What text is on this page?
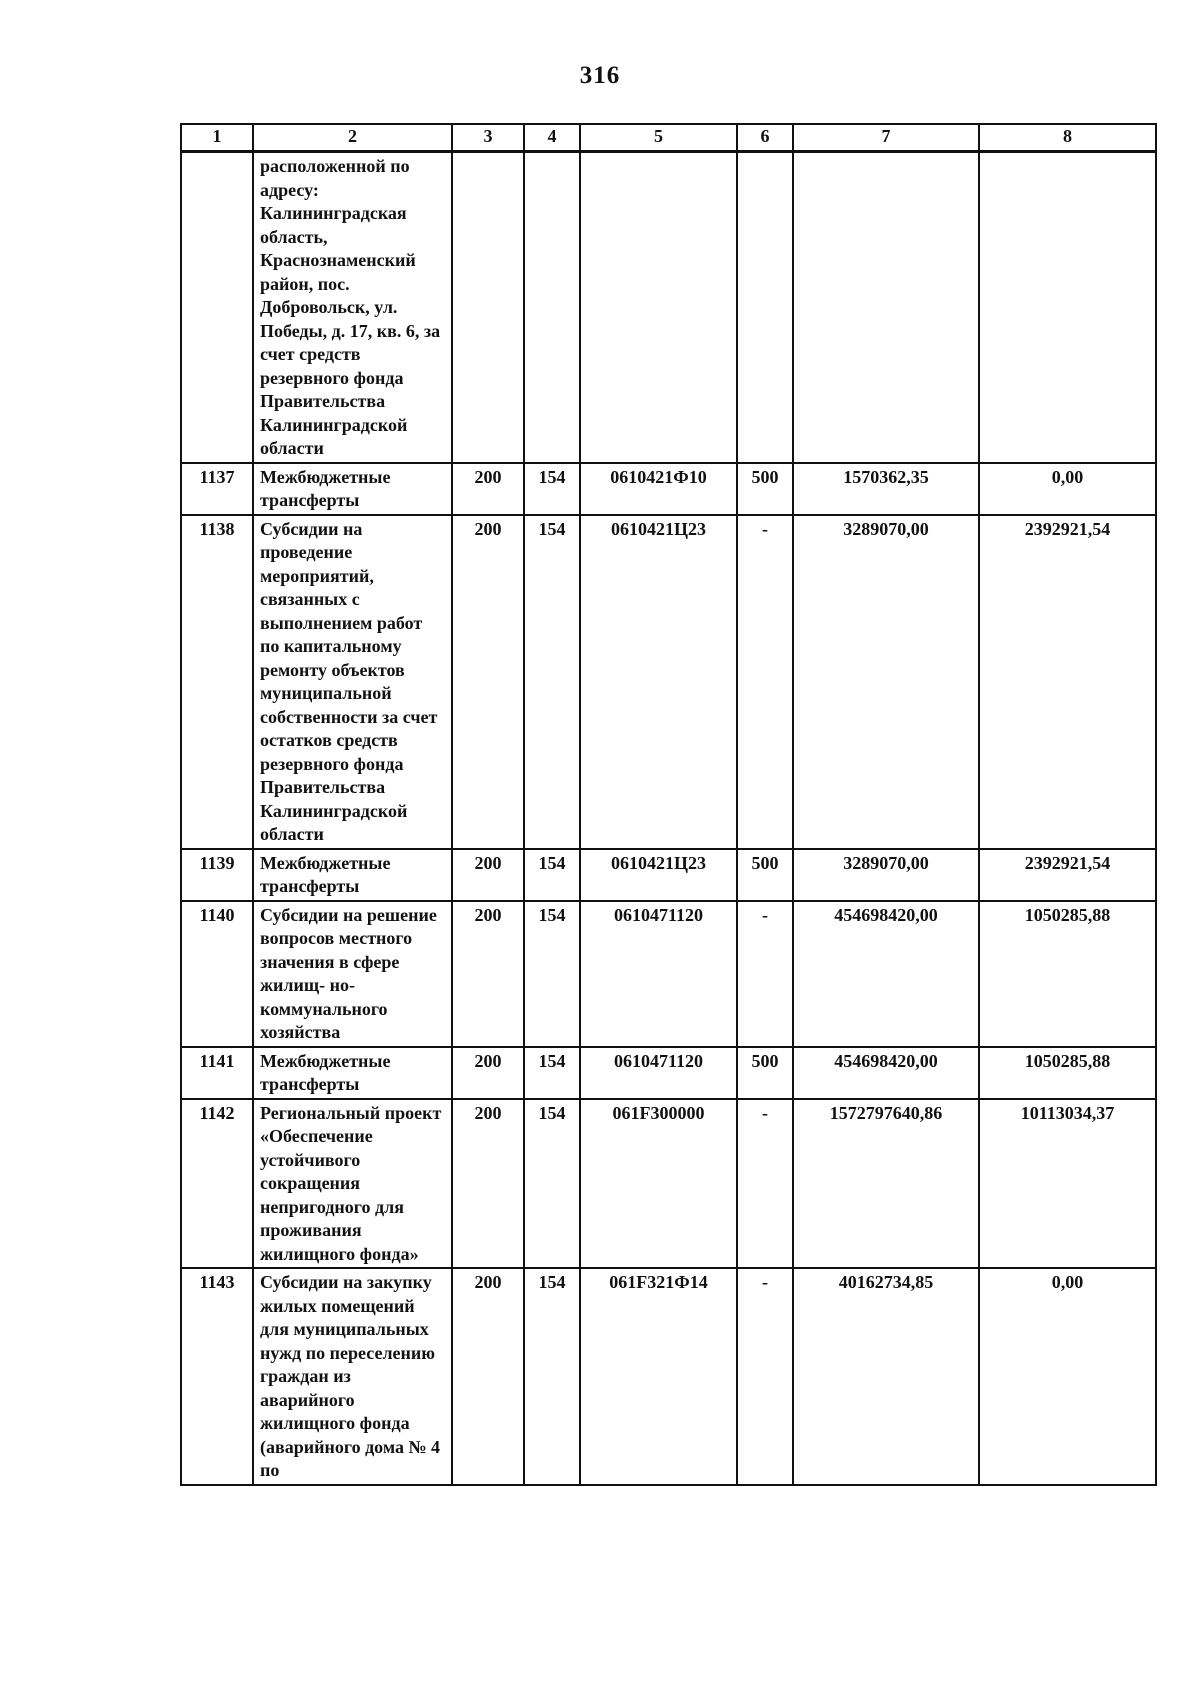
316
1	2	3	4	5	6	7	8
	расположенной по адресу: Калининградская область, Краснознаменский район, пос. Добровольск, ул. Победы, д. 17, кв. 6, за счет средств резервного фонда Правительства Калининградской области						
1137	Межбюджетные трансферты	200	154	0610421Ф10	500	1570362,35	0,00
1138	Субсидии на проведение мероприятий, связанных с выполнением работ по капитальному ремонту объектов муниципальной собственности за счет остатков средств резервного фонда Правительства Калининградской области	200	154	0610421Ц23	-	3289070,00	2392921,54
1139	Межбюджетные трансферты	200	154	0610421Ц23	500	3289070,00	2392921,54
1140	Субсидии на решение вопросов местного значения в сфере жилищ- но-коммунального хозяйства	200	154	0610471120	-	454698420,00	1050285,88
1141	Межбюджетные трансферты	200	154	0610471120	500	454698420,00	1050285,88
1142	Региональный проект «Обеспечение устойчивого сокращения непригодного для проживания жилищного фонда»	200	154	061F300000	-	1572797640,86	10113034,37
1143	Субсидии на закупку жилых помещений для муниципальных нужд по переселению граждан из аварийного жилищного фонда (аварийного дома № 4 по	200	154	061F321Ф14	-	40162734,85	0,00
